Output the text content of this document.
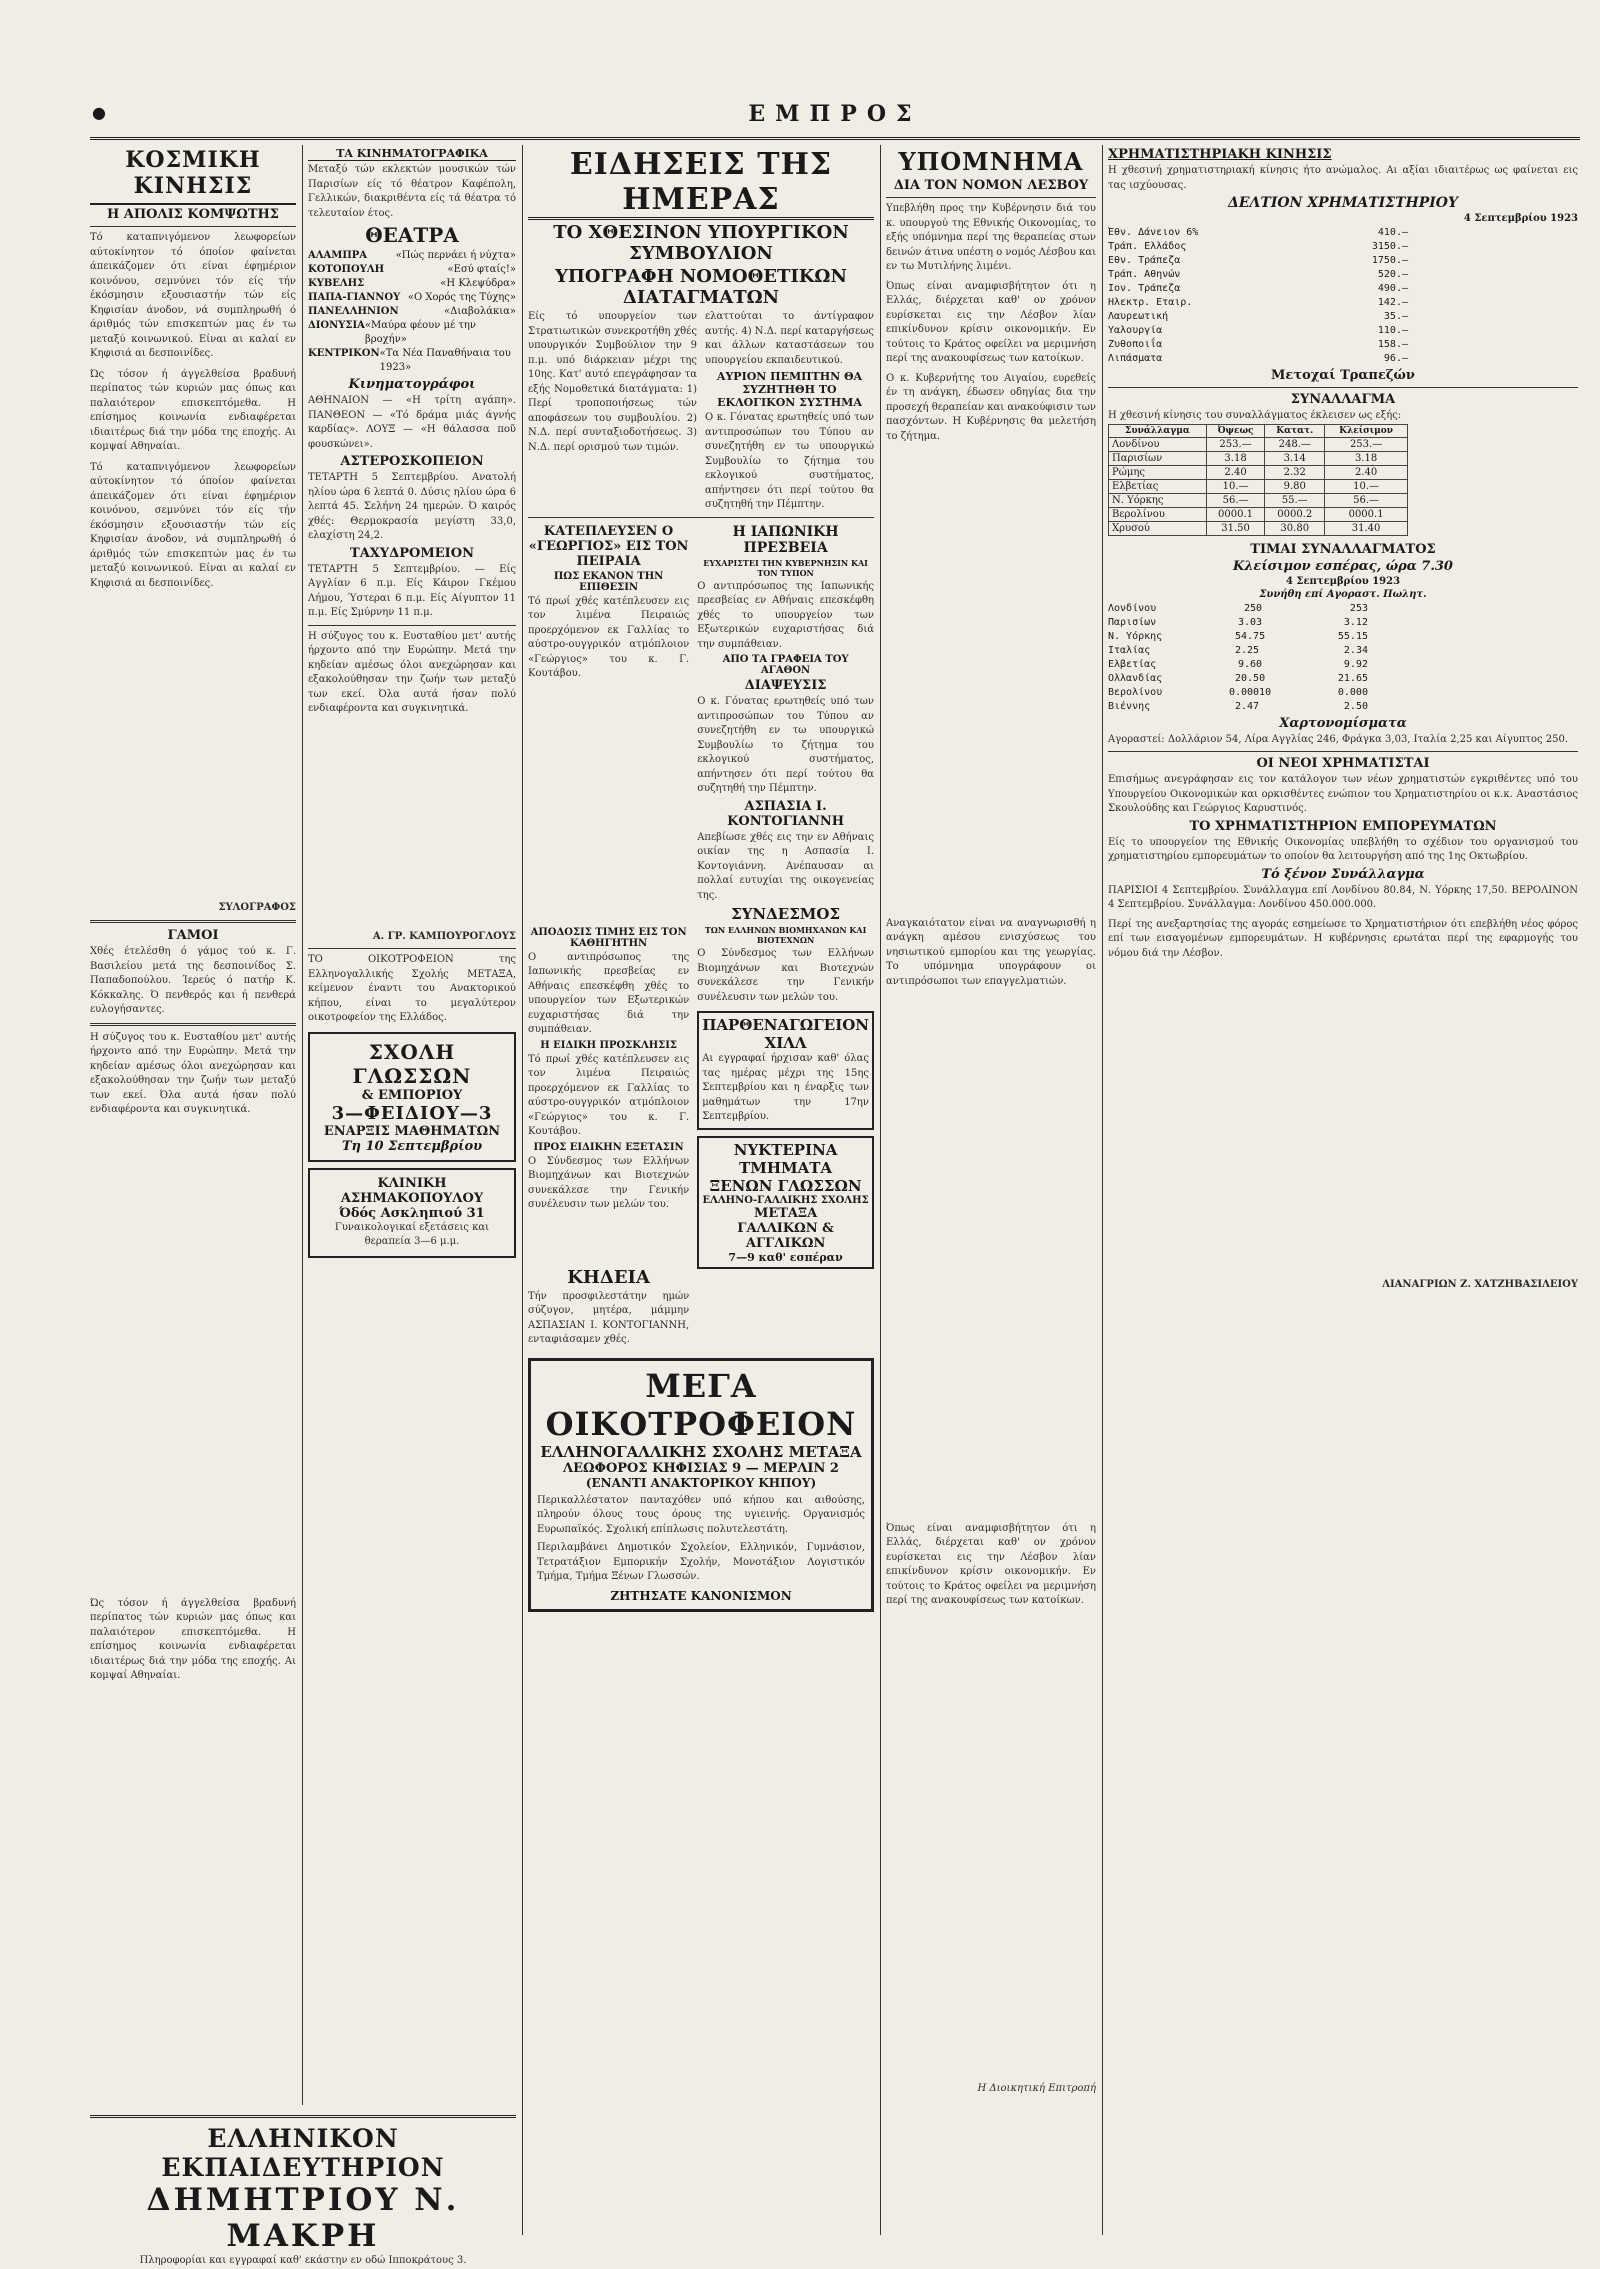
●	ΕΜΠΡΟΣ
ΚΟΣΜΙΚΗ ΚΙΝΗΣΙΣ
Η ΑΠΟΛΙΣ ΚΟΜΨΩΤΗΣ
Τό καταπνιγόμενον λεωφορείων αύτοκίνητον τό όποίον φαίνεται άπεικάζομεν ότι είναι έφημέριον κοινόνου, σεμνύνει τόν είς τήν έκόσμησιν εξουσιαστήν τών είς Κηφισίαν άνοδον, νά συμπληρωθή ό άριθμός τών επισκεπτών μας έν τω μεταξύ κοινωνικού. Είναι αι καλαί εν Κηφισιά αι δεσποινίδες.
Ώς τόσον ή άγγελθείσα βραδυνή περίπατος τών κυριών μας όπως και παλαιότερον επισκεπτόμεθα. Η επίσημος κοινωνία ενδιαφέρεται ιδιαιτέρως διά την μόδα της εποχής. Αι κομψαί Αθηναίαι.
Τό καταπνιγόμενον λεωφορείων αύτοκίνητον τό όποίον φαίνεται άπεικάζομεν ότι είναι έφημέριον κοινόνου, σεμνύνει τόν είς τήν έκόσμησιν εξουσιαστήν τών είς Κηφισίαν άνοδον, νά συμπληρωθή ό άριθμός τών επισκεπτών μας έν τω μεταξύ κοινωνικού. Είναι αι καλαί εν Κηφισιά αι δεσποινίδες.
ΣΥΛΟΓΡΑΦΟΣ
ΓΑΜΟΙ
Χθές έτελέσθη ό γάμος τού κ. Γ. Βασιλείου μετά της δεσποινίδος Σ. Παπαδοπούλου. Ίερεύς ό πατήρ Κ. Κόκκαλης. Ό πενθερός και ή πενθερά ευλογήσαντες.
Η σύζυγος του κ. Ευσταθίου μετ' αυτής ήρχοντο από την Ευρώπην. Μετά την κηδείαν αμέσως όλοι ανεχώρησαν και εξακολούθησαν την ζωήν των μεταξύ των εκεί. Όλα αυτά ήσαν πολύ ενδιαφέροντα και συγκινητικά.
Ώς τόσον ή άγγελθείσα βραδυνή περίπατος τών κυριών μας όπως και παλαιότερον επισκεπτόμεθα. Η επίσημος κοινωνία ενδιαφέρεται ιδιαιτέρως διά την μόδα της εποχής. Αι κομψαί Αθηναίαι.
ΤΑ ΚΙΝΗΜΑΤΟΓΡΑΦΙΚΑ
Μεταξύ τών εκλεκτών μουσικών τών Παρισίων είς τό θέατρον Καφέπολη, Γελλικών, διακριθέντα είς τά θέατρα τό τελευταίον έτος.
ΘΕΑΤΡΑ
ΑΛΑΜΠΡΑ	«Πώς περνάει ή νύχτα»
ΚΟΤΟΠΟΥΛΗ	«Εσύ φταίς!»
ΚΥΒΕΛΗΣ	«Η Κλεψύδρα»
ΠΑΠΑ-ΓΙΑΝΝΟΥ «Ο Χορός της Τύχης»
ΠΑΝΕΛΛΗΝΙΟΝ	«Διαβολάκια»
ΔΙΟΝΥΣΙΑ «Μαύρα φέουν μέ την βροχήν»
ΚΕΝΤΡΙΚΟΝ «Τα Νέα Παναθήναια του 1923»
Κινηματογράφοι
ΑΘΗΝΑΙΟΝ — «Η τρίτη αγάπη». ΠΑΝΘΕΟΝ — «Τό δράμα μιάς άγνής καρδίας». ΛΟΥΞ — «Η θάλασσα ποῦ φουσκώνει».
ΑΣΤΕΡΟΣΚΟΠΕΙΟΝ
ΤΕΤΑΡΤΗ 5 Σεπτεμβρίου. Ανατολή ηλίου ώρα 6 λεπτά 0. Δύσις ηλίου ώρα 6 λεπτά 45. Σελήνη 24 ημερών. Ό καιρός χθές: Θερμοκρασία μεγίστη 33,0, ελαχίστη 24,2.
ΤΑΧΥΔΡΟΜΕΙΟΝ
ΤΕΤΑΡΤΗ 5 Σεπτεμβρίου. — Είς Αγγλίαν 6 π.μ. Είς Κάιρον Γκέμου Λήμου, Ύστεραι 6 π.μ. Είς Αίγυπτον 11 π.μ. Είς Σμύρνην 11 π.μ.
Η σύζυγος του κ. Ευσταθίου μετ' αυτής ήρχοντο από την Ευρώπην. Μετά την κηδείαν αμέσως όλοι ανεχώρησαν και εξακολούθησαν την ζωήν των μεταξύ των εκεί. Όλα αυτά ήσαν πολύ ενδιαφέροντα και συγκινητικά.
Α. ΓΡ. ΚΑΜΠΟΥΡΟΓΛΟΥΣ
ΤΟ ΟΙΚΟΤΡΟΦΕΙΟΝ της Ελληνογαλλικής Σχολής ΜΕΤΑΞΑ, κείμενον έναντι του Ανακτορικού κήπου, είναι το μεγαλύτερον οικοτροφείον της Ελλάδος.
ΣΧΟΛΗ ΓΛΩΣΣΩΝ
& ΕΜΠΟΡΙΟΥ
3—ΦΕΙΔΙΟΥ—3
ΕΝΑΡΞΙΣ ΜΑΘΗΜΑΤΩΝ
Τη 10 Σεπτεμβρίου
ΚΛΙΝΙΚΗ ΑΣΗΜΑΚΟΠΟΥΛΟΥ
Όδός Ασκληπιού 31
Γυναικολογικαί εξετάσεις και θεραπεία 3—6 μ.μ.
ΕΛΛΗΝΙΚΟΝ ΕΚΠΑΙΔΕΥΤΗΡΙΟΝ
ΔΗΜΗΤΡΙΟΥ Ν. ΜΑΚΡΗ
Πληροφορίαι και εγγραφαί καθ' εκάστην εν οδώ Ιπποκράτους 3.
ΕΙΔΗΣΕΙΣ ΤΗΣ ΗΜΕΡΑΣ
ΤΟ ΧΘΕΣΙΝΟΝ ΥΠΟΥΡΓΙΚΟΝ ΣΥΜΒΟΥΛΙΟΝ
ΥΠΟΓΡΑΦΗ ΝΟΜΟΘΕΤΙΚΩΝ ΔΙΑΤΑΓΜΑΤΩΝ
Είς τό υπουργείον των Στρατιωτικών συνεκροτήθη χθές υπουργικόν Συμβούλιον την 9 π.μ. υπό διάρκειαν μέχρι της 10ης. Κατ' αυτό επεγράφησαν τα εξής Νομοθετικά διατάγματα: 1) Περί τροποποιήσεως τών αποφάσεων του συμβουλίου. 2) Ν.Δ. περί συνταξιοδοτήσεως. 3) Ν.Δ. περί ορισμού των τιμών.
ελαττούται το άντίγραφον αυτής. 4) Ν.Δ. περί καταργήσεως και άλλων καταστάσεων του υπουργείου εκπαιδευτικού.
ΑΥΡΙΟΝ ΠΕΜΠΤΗΝ ΘΑ ΣΥΖΗΤΗΘΗ ΤΟ ΕΚΛΟΓΙΚΟΝ ΣΥΣΤΗΜΑ
Ο κ. Γόνατας ερωτηθείς υπό των αντιπροσώπων του Τύπου αν συνεζητήθη εν τω υπουργικώ Συμβουλίω το ζήτημα του εκλογικού συστήματος, απήντησεν ότι περί τούτου θα συζητηθή την Πέμπτην.
ΚΑΤΕΠΛΕΥΣΕΝ Ο «ΓΕΩΡΓΙΟΣ» ΕΙΣ ΤΟΝ ΠΕΙΡΑΙΑ
ΠΩΣ ΕΚΑΝΟΝ ΤΗΝ ΕΠΙΘΕΣΙΝ
Τό πρωί χθές κατέπλευσεν εις τον λιμένα Πειραιώς προερχόμενον εκ Γαλλίας το αύστρο-ουγγρικόν ατμόπλοιον «Γεώργιος» του κ. Γ. Κουτάβου.
ΑΠΟΔΟΣΙΣ ΤΙΜΗΣ ΕΙΣ ΤΟΝ ΚΑΘΗΓΗΤΗΝ
Ο αντιπρόσωπος της Ιαπωνικής πρεσβείας εν Αθήναις επεσκέφθη χθές το υπουργείον των Εξωτερικών ευχαριστήσας διά την συμπάθειαν.
Η ΕΙΔΙΚΗ ΠΡΟΣΚΛΗΣΙΣ
Τό πρωί χθές κατέπλευσεν εις τον λιμένα Πειραιώς προερχόμενον εκ Γαλλίας το αύστρο-ουγγρικόν ατμόπλοιον «Γεώργιος» του κ. Γ. Κουτάβου.
ΠΡΟΣ ΕΙΔΙΚΗΝ ΕΞΕΤΑΣΙΝ
Ο Σύνδεσμος των Ελλήνων Βιομηχάνων και Βιοτεχνών συνεκάλεσε την Γενικήν συνέλευσιν των μελών του.
ΚΗΔΕΙΑ
Τήν προσφιλεστάτην ημών σύζυγον, μητέρα, μάμμην ΑΣΠΑΣΙΑΝ Ι. ΚΟΝΤΟΓΙΑΝΝΗ, ενταφιάσαμεν χθές.
Η ΙΑΠΩΝΙΚΗ ΠΡΕΣΒΕΙΑ
ΕΥΧΑΡΙΣΤΕΙ ΤΗΝ ΚΥΒΕΡΝΗΣΙΝ ΚΑΙ ΤΟΝ ΤΥΠΟΝ
Ο αντιπρόσωπος της Ιαπωνικής πρεσβείας εν Αθήναις επεσκέφθη χθές το υπουργείον των Εξωτερικών ευχαριστήσας διά την συμπάθειαν.
ΑΠΟ ΤΑ ΓΡΑΦΕΙΑ ΤΟΥ ΑΓΑΘΟΝ
ΔΙΑΨΕΥΣΙΣ
Ο κ. Γόνατας ερωτηθείς υπό των αντιπροσώπων του Τύπου αν συνεζητήθη εν τω υπουργικώ Συμβουλίω το ζήτημα του εκλογικού συστήματος, απήντησεν ότι περί τούτου θα συζητηθή την Πέμπτην.
ΑΣΠΑΣΙΑ Ι. ΚΟΝΤΟΓΙΑΝΝΗ
Απεβίωσε χθές εις την εν Αθήναις οικίαν της η Ασπασία Ι. Κοντογιάννη. Ανέπαυσαν αι πολλαί ευτυχίαι της οικογενείας της.
ΣΥΝΔΕΣΜΟΣ
ΤΩΝ ΕΛΛΗΝΩΝ ΒΙΟΜΗΧΑΝΩΝ ΚΑΙ ΒΙΟΤΕΧΝΩΝ
Ο Σύνδεσμος των Ελλήνων Βιομηχάνων και Βιοτεχνών συνεκάλεσε την Γενικήν συνέλευσιν των μελών του.
ΠΑΡΘΕΝΑΓΩΓΕΙΟΝ ΧΙΛΛ
Αι εγγραφαί ήρχισαν καθ' όλας τας ημέρας μέχρι της 15ης Σεπτεμβρίου και η έναρξις των μαθημάτων την 17ην Σεπτεμβρίου.
ΝΥΚΤΕΡΙΝΑ ΤΜΗΜΑΤΑ
ΞΕΝΩΝ ΓΛΩΣΣΩΝ
ΕΛΛΗΝΟ-ΓΑΛΛΙΚΗΣ ΣΧΟΛΗΣ
ΜΕΤΑΞΑ
ΓΑΛΛΙΚΩΝ & ΑΓΓΛΙΚΩΝ
7—9 καθ' εσπέραν
ΜΕΓΑ ΟΙΚΟΤΡΟΦΕΙΟΝ
ΕΛΛΗΝΟΓΑΛΛΙΚΗΣ ΣΧΟΛΗΣ ΜΕΤΑΞΑ
ΛΕΩΦΟΡΟΣ ΚΗΦΙΣΙΑΣ 9 — ΜΕΡΛΙΝ 2
(ΕΝΑΝΤΙ ΑΝΑΚΤΟΡΙΚΟΥ ΚΗΠΟΥ)
Περικαλλέστατον πανταχόθεν υπό κήπου και αιθούσης, πληρούν όλους τους όρους της υγιεινής. Οργανισμός Ευρωπαϊκός. Σχολική επίπλωσις πολυτελεστάτη.
Περιλαμβάνει Δημοτικόν Σχολείον, Ελληνικόν, Γυμνάσιον, Τετρατάξιον Εμπορικήν Σχολήν, Μονοτάξιον Λογιστικόν Τμήμα, Τμήμα Ξένων Γλωσσών.
ΖΗΤΗΣΑΤΕ ΚΑΝΟΝΙΣΜΟΝ
ΥΠΟΜΝΗΜΑ
ΔΙΑ ΤΟΝ ΝΟΜΟΝ ΛΕΣΒΟΥ
Υπεβλήθη προς την Κυβέρνησιν διά του κ. υπουργού της Εθνικής Οικονομίας, το εξής υπόμνημα περί της θεραπείας στων δεινών άτινα υπέστη ο νομός Λέσβου και εν τω Μυτιλήνης λιμένι.
Όπως είναι αναμφισβήτητον ότι η Ελλάς, διέρχεται καθ' ον χρόνον ευρίσκεται εις την Λέσβον λίαν επικίνδυνον κρίσιν οικονομικήν. Εν τούτοις το Κράτος οφείλει να μεριμνήση περί της ανακουφίσεως των κατοίκων.
Ο κ. Κυβερνήτης του Αιγαίου, ευρεθείς έν τη ανάγκη, έδωσεν οδηγίας δια την προσεχή θεραπείαν και ανακούφισιν των πασχόντων. Η Κυβέρνησις θα μελετήση το ζήτημα.
Αναγκαιότατον είναι να αναγνωρισθή η ανάγκη αμέσου ενισχύσεως του νησιωτικού εμπορίου και της γεωργίας. Το υπόμνημα υπογράφουν οι αντιπρόσωποι των επαγγελματιών.
Όπως είναι αναμφισβήτητον ότι η Ελλάς, διέρχεται καθ' ον χρόνον ευρίσκεται εις την Λέσβον λίαν επικίνδυνον κρίσιν οικονομικήν. Εν τούτοις το Κράτος οφείλει να μεριμνήση περί της ανακουφίσεως των κατοίκων.
Η Διοικητική Επιτροπή
ΧΡΗΜΑΤΙΣΤΗΡΙΑΚΗ ΚΙΝΗΣΙΣ
Η χθεσινή χρηματιστηριακή κίνησις ήτο ανώμαλος. Αι αξίαι ιδιαιτέρως ως φαίνεται εις τας ισχύουσας.
ΔΕΛΤΙΟΝ ΧΡΗΜΑΤΙΣΤΗΡΙΟΥ
4 Σεπτεμβρίου 1923
Έθν. Δάνειον 6%	410.—
Τράπ. Ελλάδος	3150.—
Εθν. Τράπεζα	1750.—
Τράπ. Αθηνών	520.—
Ιον. Τράπεζα	490.—
Ηλεκτρ. Εταιρ.	142.—
Λαυρεωτική	35.—
Υαλουργία	110.—
Ζυθοποιΐα	158.—
Λιπάσματα	96.—
Μετοχαί Τραπεζών
ΣΥΝΑΛΛΑΓΜΑ
Η χθεσινή κίνησις του συναλλάγματος έκλεισεν ως εξής:
Συνάλλαγμα	Όψεως	Κατατ.	Κλείσιμον
Λονδίνου	253.—	248.—	253.—
Παρισίων	3.18	3.14	3.18
Ρώμης	2.40	2.32	2.40
Ελβετίας	10.—	9.80	10.—
Ν. Υόρκης	56.—	55.—	56.—
Βερολίνου	0000.1	0000.2	0000.1
Χρυσού	31.50	30.80	31.40
ΤΙΜΑΙ ΣΥΝΑΛΛΑΓΜΑΤΟΣ
Κλείσιμον εσπέρας, ώρα 7.30
4 Σεπτεμβρίου 1923
Συνήθη επί Αγοραστ. Πωλητ.
Λονδίνου	250	253
Παρισίων	3.03	3.12
Ν. Υόρκης	54.75	55.15
Ιταλίας	2.25	2.34
Ελβετίας	9.60	9.92
Ολλανδίας	20.50	21.65
Βερολίνου	0.00010	0.000
Βιέννης	2.47	2.50
Χαρτονομίσματα
Αγοραστεί: Δολλάριον 54, Λίρα Αγγλίας 246, Φράγκα 3,03, Ιταλία 2,25 και Αίγυπτος 250.
ΟΙ ΝΕΟΙ ΧΡΗΜΑΤΙΣΤΑΙ
Επισήμως ανεγράφησαν εις τον κατάλογον των νέων χρηματιστών εγκριθέντες υπό του Υπουργείου Οικονομικών και ορκισθέντες ενώπιον του Χρηματιστηρίου οι κ.κ. Αναστάσιος Σκουλούδης και Γεώργιος Καρυστινός.
ΤΟ ΧΡΗΜΑΤΙΣΤΗΡΙΟΝ ΕΜΠΟΡΕΥΜΑΤΩΝ
Είς το υπουργείον της Εθνικής Οικονομίας υπεβλήθη το σχέδιον του οργανισμού του χρηματιστηρίου εμπορευμάτων το οποίον θα λειτουργήση από της 1ης Οκτωβρίου.
Τό ξένον Συνάλλαγμα
ΠΑΡΙΣΙΟΙ 4 Σεπτεμβρίου. Συνάλλαγμα επί Λονδίνου 80.84, Ν. Υόρκης 17,50. ΒΕΡΟΛΙΝΟΝ 4 Σεπτεμβρίου. Συνάλλαγμα: Λονδίνου 450.000.000.
Περί της ανεξαρτησίας της αγοράς εσημείωσε το Χρηματιστήριον ότι επεβλήθη νέος φόρος επί των εισαγομένων εμπορευμάτων. Η κυβέρνησις ερωτάται περί της εφαρμογής του νόμου διά την Λέσβον.
ΛΙΑΝΑΓΡΙΩΝ Ζ. ΧΑΤΖΗΒΑΣΙΛΕΙΟΥ
